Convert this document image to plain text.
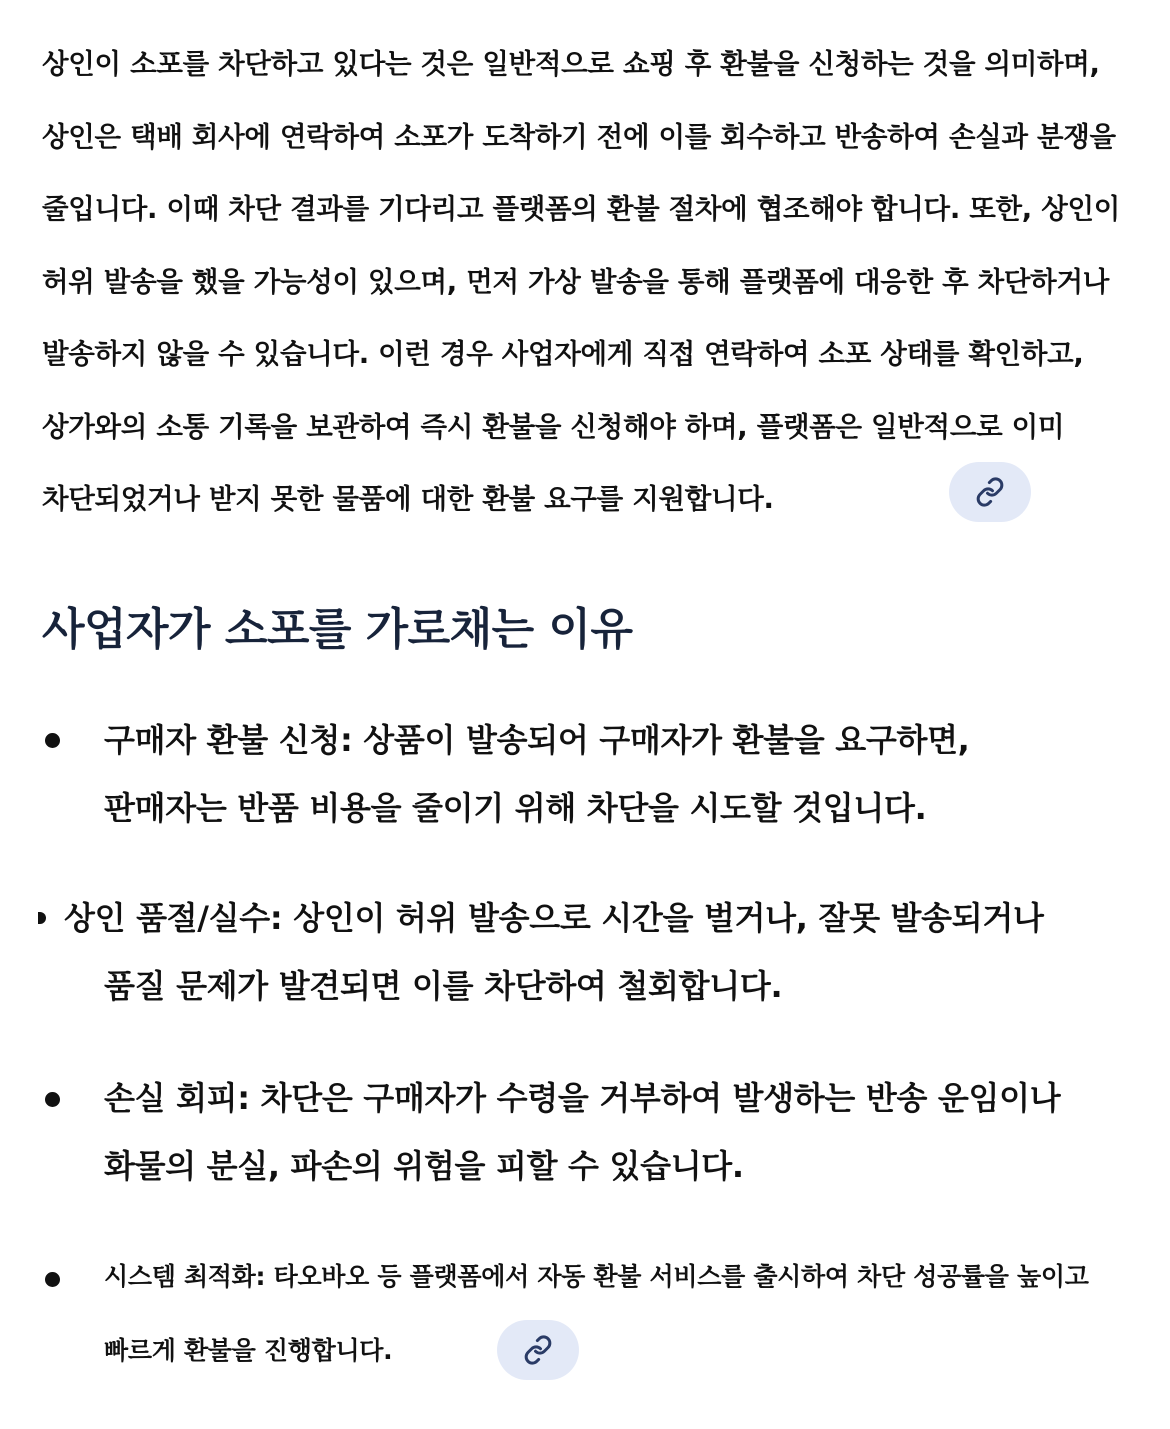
상인이 소포를 차단하고 있다는 것은 일반적으로 쇼핑 후 환불을 신청하는 것을 의미하며,
상인은 택배 회사에 연락하여 소포가 도착하기 전에 이를 회수하고 반송하여 손실과 분쟁을
줄입니다. 이때 차단 결과를 기다리고 플랫폼의 환불 절차에 협조해야 합니다. 또한, 상인이
허위 발송을 했을 가능성이 있으며, 먼저 가상 발송을 통해 플랫폼에 대응한 후 차단하거나
발송하지 않을 수 있습니다. 이런 경우 사업자에게 직접 연락하여 소포 상태를 확인하고,
상가와의 소통 기록을 보관하여 즉시 환불을 신청해야 하며, 플랫폼은 일반적으로 이미
차단되었거나 받지 못한 물품에 대한 환불 요구를 지원합니다.
사업자가 소포를 가로채는 이유
구매자 환불 신청: 상품이 발송되어 구매자가 환불을 요구하면,
판매자는 반품 비용을 줄이기 위해 차단을 시도할 것입니다.
상인 품절/실수: 상인이 허위 발송으로 시간을 벌거나, 잘못 발송되거나
품질 문제가 발견되면 이를 차단하여 철회합니다.
손실 회피: 차단은 구매자가 수령을 거부하여 발생하는 반송 운임이나
화물의 분실, 파손의 위험을 피할 수 있습니다.
시스템 최적화: 타오바오 등 플랫폼에서 자동 환불 서비스를 출시하여 차단 성공률을 높이고
빠르게 환불을 진행합니다.
